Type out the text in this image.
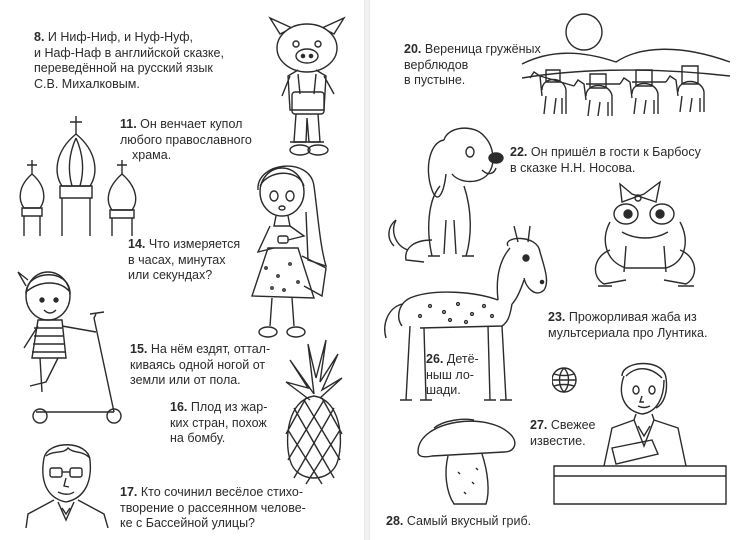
8. И Ниф-Ниф, и Нуф-Нуф,
и Наф-Наф в английской сказке,
переведённой на русский язык
С.В. Михалковым.
11. Он венчает купол
любого православного
храма.
14. Что измеряется
в часах, минутах
или секундах?
15. На нём ездят, оттал-
киваясь одной ногой от
земли или от пола.
16. Плод из жар-
ких стран, похож
на бомбу.
17. Кто сочинил весёлое стихо-
творение о рассеянном челове-
ке с Бассейной улицы?
20. Вереница гружёных
верблюдов
в пустыне.
22. Он пришёл в гости к Барбосу
в сказке Н.Н. Носова.
23. Прожорливая жаба из
мультсериала про Лунтика.
26. Детё-
ныш ло-
шади.
27. Свежее
известие.
28. Самый вкусный гриб.
